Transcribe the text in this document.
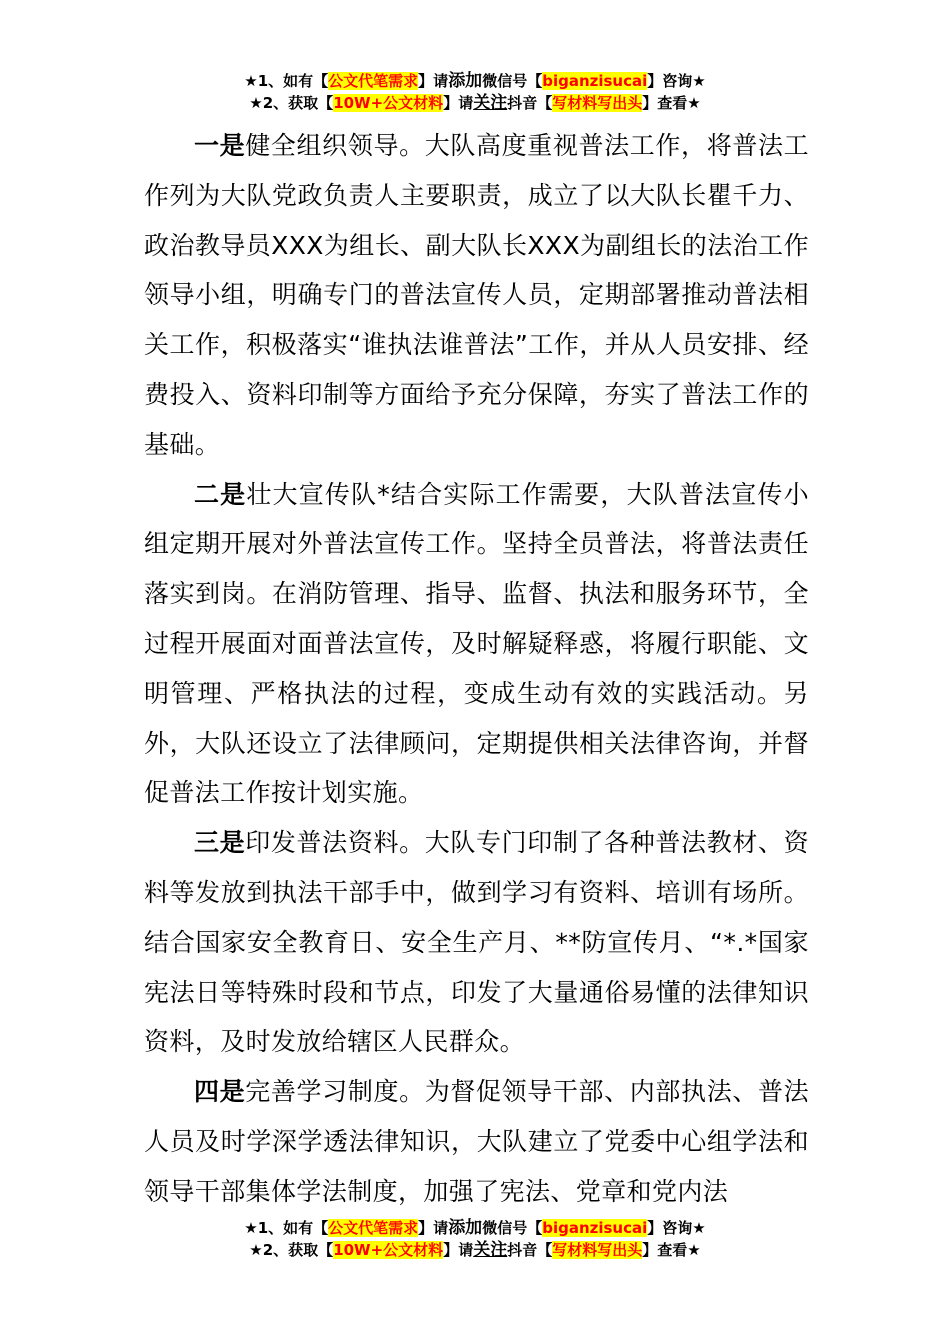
★1、如有【公文代笔需求】请添加微信号【biganzisucai】咨询★
★2、获取【10W+公文材料】请关注抖音【写材料写出头】查看★

一是健全组织领导。大队高度重视普法工作，将普法工作列为大队党政负责人主要职责，成立了以大队长瞿千力、政治教导员XXX为组长、副大队长XXX为副组长的法治工作领导小组，明确专门的普法宣传人员，定期部署推动普法相关工作，积极落实“谁执法谁普法”工作，并从人员安排、经费投入、资料印制等方面给予充分保障，夯实了普法工作的基础。

二是壮大宣传队*结合实际工作需要，大队普法宣传小组定期开展对外普法宣传工作。坚持全员普法，将普法责任落实到岗。在消防管理、指导、监督、执法和服务环节，全过程开展面对面普法宣传，及时解疑释惑，将履行职能、文明管理、严格执法的过程，变成生动有效的实践活动。另外，大队还设立了法律顾问，定期提供相关法律咨询，并督促普法工作按计划实施。

三是印发普法资料。大队专门印制了各种普法教材、资料等发放到执法干部手中，做到学习有资料、培训有场所。结合国家安全教育日、安全生产月、**防宣传月、“*.*国家宪法日等特殊时段和节点，印发了大量通俗易懂的法律知识资料，及时发放给辖区人民群众。

四是完善学习制度。为督促领导干部、内部执法、普法人员及时学深学透法律知识，大队建立了党委中心组学法和领导干部集体学法制度，加强了宪法、党章和党内法

★1、如有【公文代笔需求】请添加微信号【biganzisucai】咨询★
★2、获取【10W+公文材料】请关注抖音【写材料写出头】查看★
